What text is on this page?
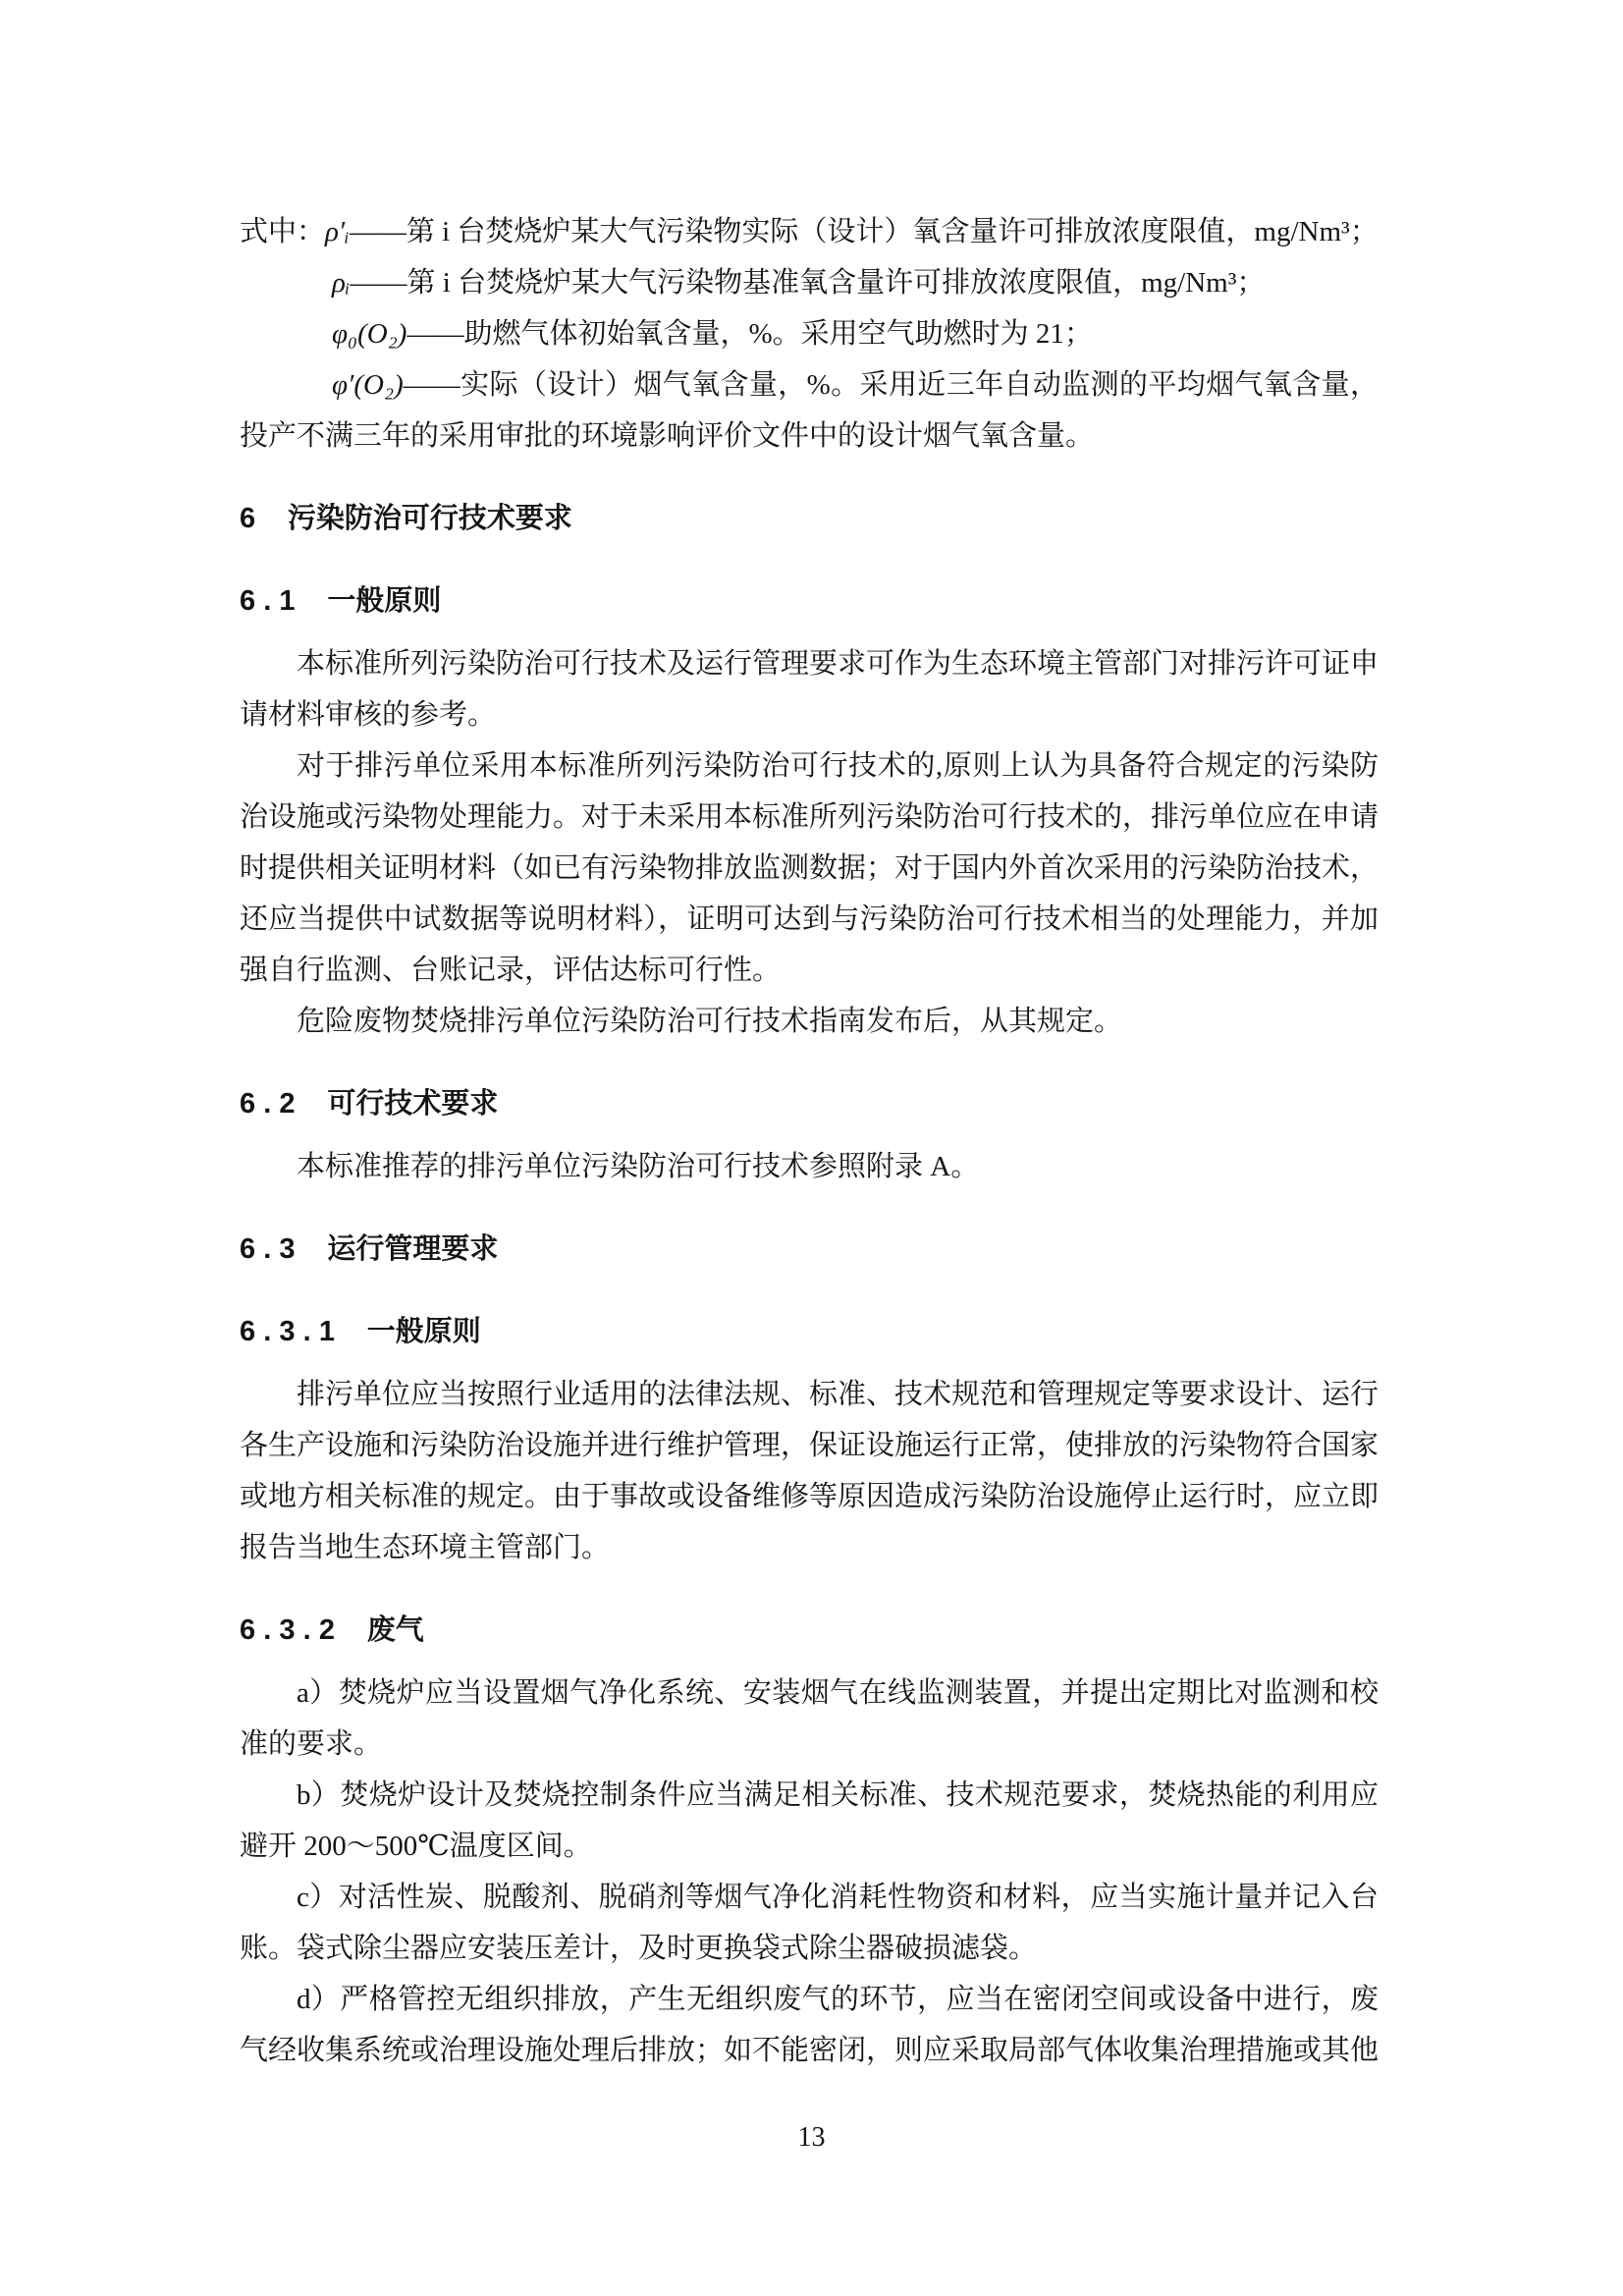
式中：ρ′ᵢ——第 i 台焚烧炉某大气污染物实际（设计）氧含量许可排放浓度限值，mg/Nm³；

ρᵢ——第 i 台焚烧炉某大气污染物基准氧含量许可排放浓度限值，mg/Nm³；

φ₀(O₂)——助燃气体初始氧含量，%。采用空气助燃时为 21；

φ′(O₂)——实际（设计）烟气氧含量，%。采用近三年自动监测的平均烟气氧含量，投产不满三年的采用审批的环境影响评价文件中的设计烟气氧含量。

6 污染防治可行技术要求

6.1 一般原则

本标准所列污染防治可行技术及运行管理要求可作为生态环境主管部门对排污许可证申请材料审核的参考。

对于排污单位采用本标准所列污染防治可行技术的,原则上认为具备符合规定的污染防治设施或污染物处理能力。对于未采用本标准所列污染防治可行技术的，排污单位应在申请时提供相关证明材料（如已有污染物排放监测数据；对于国内外首次采用的污染防治技术，还应当提供中试数据等说明材料），证明可达到与污染防治可行技术相当的处理能力，并加强自行监测、台账记录，评估达标可行性。

危险废物焚烧排污单位污染防治可行技术指南发布后，从其规定。

6.2 可行技术要求

本标准推荐的排污单位污染防治可行技术参照附录 A。

6.3 运行管理要求

6.3.1 一般原则

排污单位应当按照行业适用的法律法规、标准、技术规范和管理规定等要求设计、运行各生产设施和污染防治设施并进行维护管理，保证设施运行正常，使排放的污染物符合国家或地方相关标准的规定。由于事故或设备维修等原因造成污染防治设施停止运行时，应立即报告当地生态环境主管部门。

6.3.2 废气

a）焚烧炉应当设置烟气净化系统、安装烟气在线监测装置，并提出定期比对监测和校准的要求。

b）焚烧炉设计及焚烧控制条件应当满足相关标准、技术规范要求，焚烧热能的利用应避开 200～500℃温度区间。

c）对活性炭、脱酸剂、脱硝剂等烟气净化消耗性物资和材料，应当实施计量并记入台账。袋式除尘器应安装压差计，及时更换袋式除尘器破损滤袋。

d）严格管控无组织排放，产生无组织废气的环节，应当在密闭空间或设备中进行，废气经收集系统或治理设施处理后排放；如不能密闭，则应采取局部气体收集治理措施或其他

13
